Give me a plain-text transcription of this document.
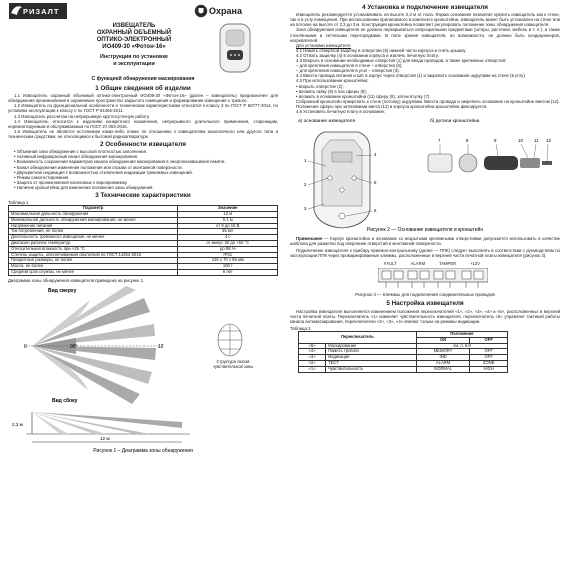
РИЗАЛТ	Охрана
ИЗВЕЩАТЕЛЬ
ОХРАННЫЙ ОБЪЕМНЫЙ
ОПТИКО-ЭЛЕКТРОННЫЙ
ИО409-30 «Фотон-16»
Инструкция по установке
и эксплуатации
С функцией обнаружения маскирования
1 Общие сведения об изделии

1.1 Извещатель охранный объемный оптико-электронный ИО409-30 «Фотон-16» (далее – извещатель) предназначен для обнаружения проникновения в охраняемое пространство закрытого помещения и формирования извещения о тревоге.

1.2 Извещатель по функциональной особенности и техническим характеристикам относится к классу 3 по ГОСТ Р 50777-2014, по условиям эксплуатации к классу II по ГОСТ Р 54455-2011.

1.3 Извещатель рассчитан на непрерывную круглосуточную работу.

1.4 Извещатель относится к изделиям конкретного назначения, непрерывного длительного применения, стареющим, неремонтируемым и обслуживаемым по ГОСТ 27.003-2016.

1.5 Извещатель не является источником каких-либо помех по отношению к извещателям аналогичного или другого типа и техническим средствам, не относящимся к бытовой радиоаппаратуре.

2 Особенности извещателя

• Объемная зона обнаружения с высокой плотностью заполнения.

• Активный инфракрасный канал обнаружения маскирования.

• Возможность сохранения параметров канала обнаружения маскирования в энергонезависимой памяти.

• Канал обнаружения изменения положения или отрыва от монтажной поверхности.

• Двухцветная индикация с возможностью отключения индикации тревожных извещений.

• Режим самотестирования.

• Защита от проникновения насекомых к пироприемнику.

• Наличие кронштейна для изменения положения зоны обнаружения.

3 Технические характеристики
Таблица 1
Параметр	Значение
Максимальная дальность обнаружения	12 м
Минимальная дальность обнаружения маскирования, не менее	0,1 м
Напряжение питания	от 9 до 15 В
Ток потребления, не более	35 мА
Длительность тревожного извещения, не менее	4 с
Диапазон рабочих температур	от минус 30 до +50 °С
Относительная влажность при +25 °С	до 98 %
Степень защиты, обеспечиваемая оболочкой по ГОСТ 14254-2015	IP41
Габаритные размеры, не более	126 х 70 х 55 мм
Масса, не более	150 г
Средний срок службы, не менее	8 лет
Диаграмма зоны обнаружения извещателя приведена на рисунке 1.
Вид сверху
0	90°	12
Структура любой чувствительной зоны
Вид сбоку
2,3 м
12 м
Рисунок 1 – Диаграмма зоны обнаружения
4 Установка и подключение извещателя

Извещатель рекомендуется устанавливать на высоте 2,3 м от пола. Форма основания позволяет крепить извещатель как к стене, так и в углу помещения. При использовании прилагаемого в комплекте кронштейна, извещатель может быть установлен на стене или на потолке на высоте от 2,3 до 3 м. Конструкция кронштейна позволяет регулировать положение зоны обнаружения извещателя.

Зона обнаружения извещателя не должна перекрываться непрозрачными предметами (шторы, растения, мебель и т. п.), а также стеклянными и сетчатыми перегородками. В поле зрения извещателя, по возможности, не должно быть кондиционеров, нагревателей.

Для установки извещателя:

4.1 Нажать отверткой защелку в отверстии (5) нижней части корпуса и снять крышку.

4.2 Отжать защелку (4) в основании корпуса и извлечь печатную плату.

4.3 Вскрыть в основании необходимые отверстия (1) для ввода проводов, а также крепежные отверстия:

– для крепления извещателя в стене – отверстия (6);

– для крепления извещателя в угол – отверстия (3).

4.4 Ввести провода питания и ШС в корпус через отверстия (1) и закрепить основание шурупами на стене (в углу).

4.5 При использовании кронштейна:

• вскрыть отверстие (2);

• вложить гайку (9) в паз сферы (9);

• вложить в основание кронштейна (11) сферу (9), затем втулку (7).

Собранный кронштейн прикрепить к стене (потолку) шурупами. Ввести провода и закрепить основание на кронштейне винтом (12).

Положение сферы при затягивании винта (12) и корпуса кронштейна кронштейна фиксируется.

4.6 Установить печатную плату в основание.

а) основание извещателя	б) детали кронштейна
1
2
3
4
5
6
7	8	9	10	11 12
Рисунок 2 — Основание извещателя и кронштейн

Примечание — Корпус кронштейна и основание со вскрытыми крепежными отверстиями допускается использовать в качестве шаблона для разметки под сверление отверстий в монтажной поверхности.

Подключение извещателя к прибору приемно-контрольному (далее — ППК) следует выполнять в соответствии с руководством по эксплуатации ППК через промаркированные клеммы, расположенные в верхней части печатной платы извещателя (рисунок 3).

FAULT	ALARM	TAMPER	+12V
Рисунок 3 — Клеммы для подключения соединительных проводов
5 Настройка извещателя

Настройка извещателя выполняется изменением положения переключателей «1», «2», «3», «4» и «5», расположенных в верхней части печатной платы. Переключатель «1» изменяет чувствительность извещателя, переключатель «5» управляет тактикой работы канала антимаскирования, переключатели «2», «3», «4» влияют только на режимы индикации.

Таблица 2
Переключатель		Положение	
		ON	OFF
«5»	Маскирование	см. п. 6.8	
«4»	Память тревоги	MEMORY	OFF
«3»	Индикация	IND	OFF
«2»	ТЕСТ	ALARM	ZONE
«1»	Чувствительность	NORMAL	HIGH
